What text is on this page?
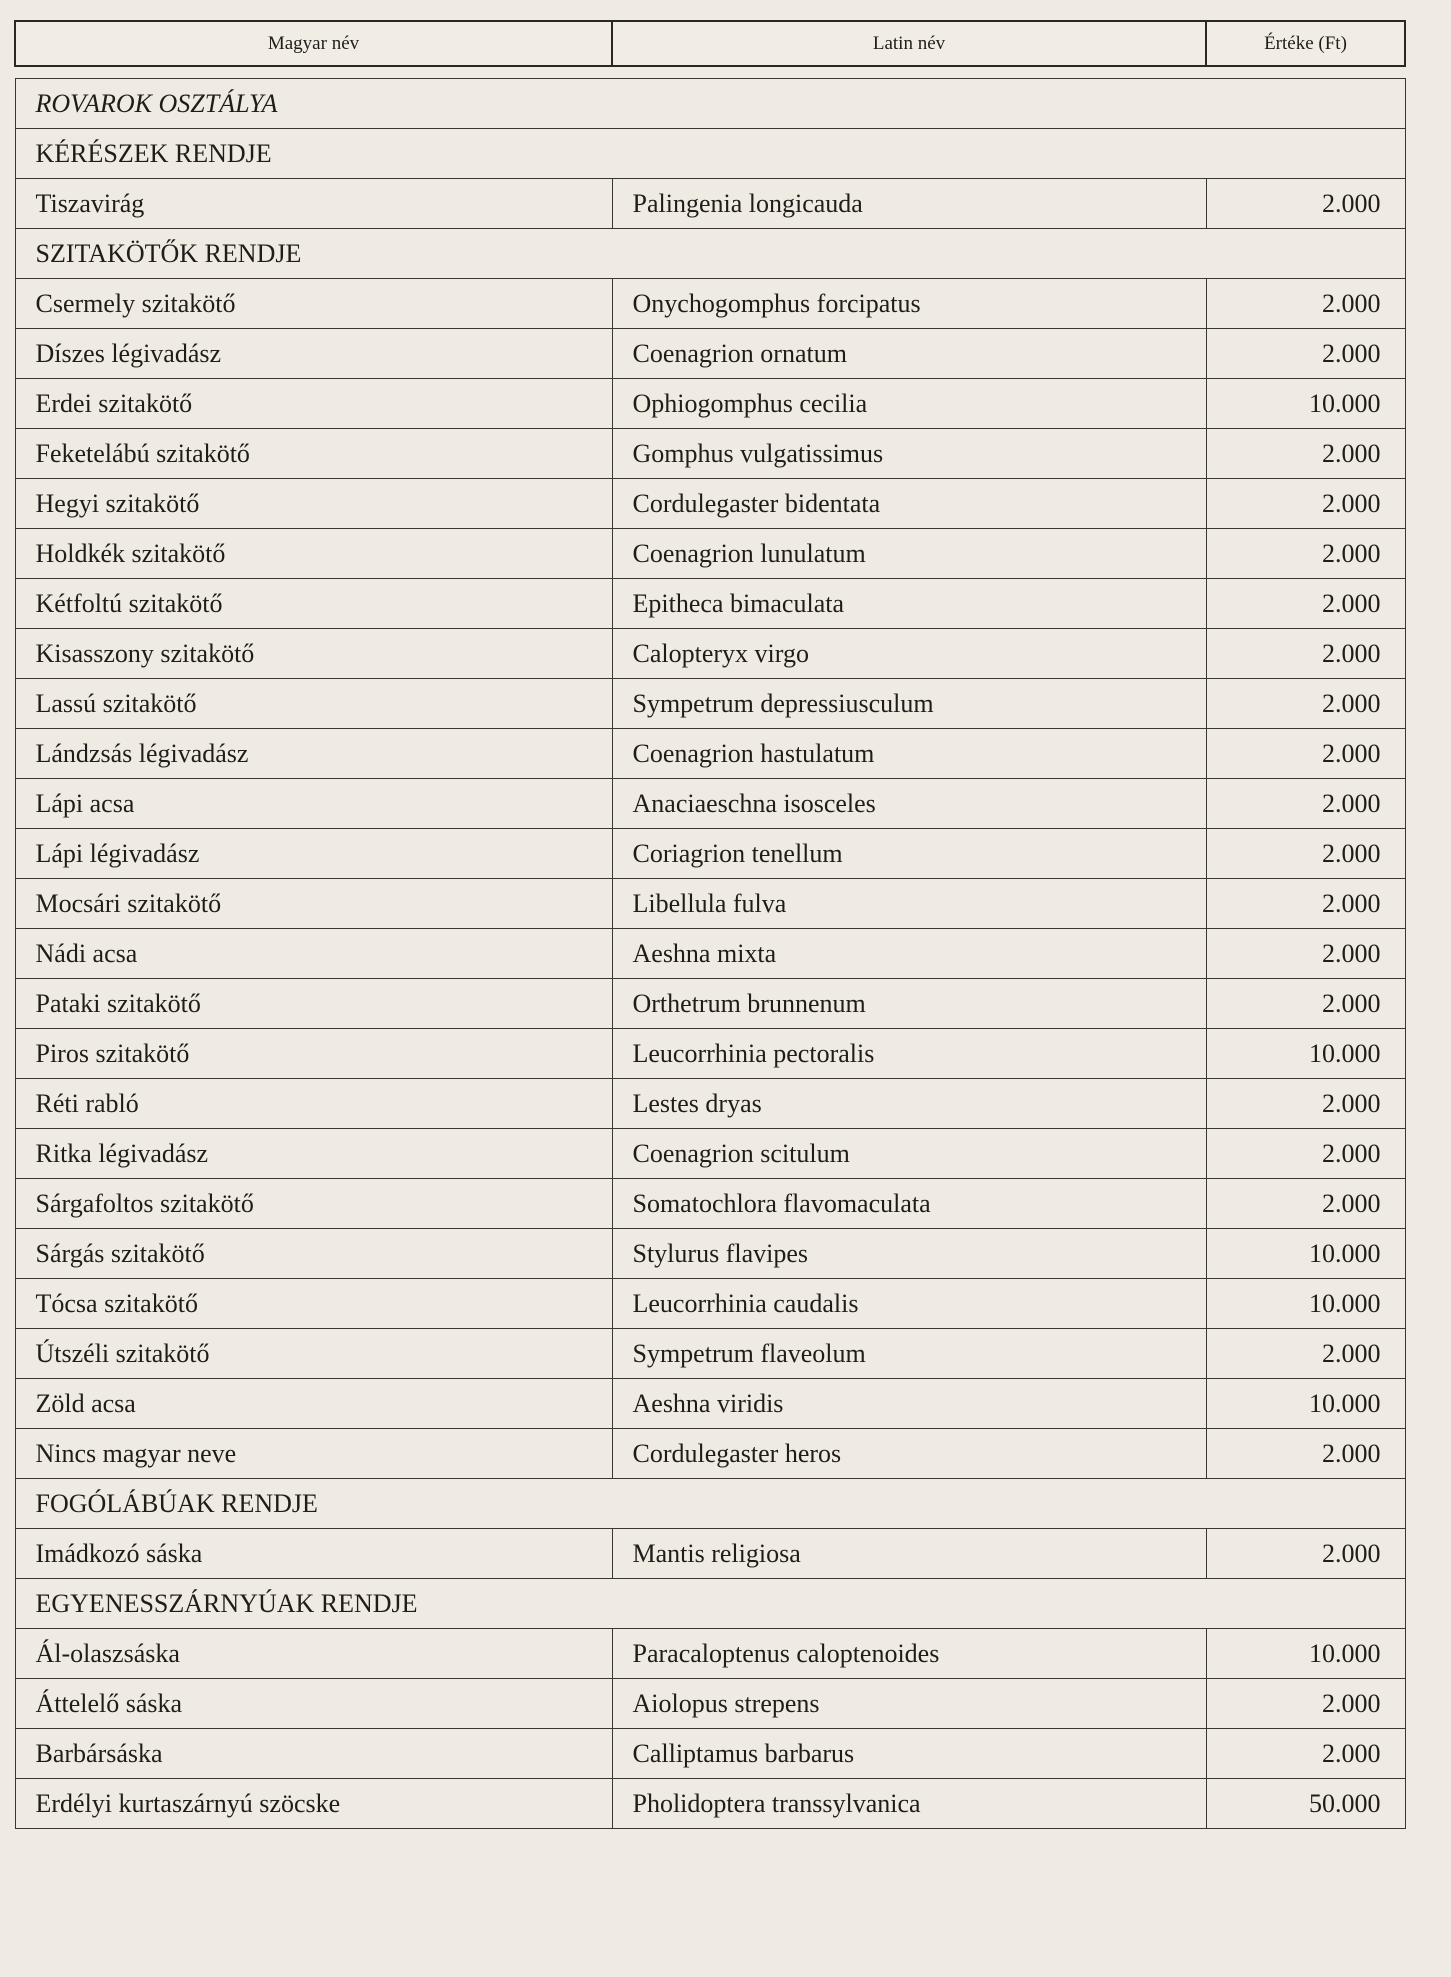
Magyar név	Latin név	Értéke (Ft)

ROVAROK OSZTÁLYA		
KÉRÉSZEK RENDJE		
Tiszavirág	Palingenia longicauda	2.000
SZITAKÖTŐK RENDJE		
Csermely szitakötő	Onychogomphus forcipatus	2.000
Díszes légivadász	Coenagrion ornatum	2.000
Erdei szitakötő	Ophiogomphus cecilia	10.000
Feketelábú szitakötő	Gomphus vulgatissimus	2.000
Hegyi szitakötő	Cordulegaster bidentata	2.000
Holdkék szitakötő	Coenagrion lunulatum	2.000
Kétfoltú szitakötő	Epitheca bimaculata	2.000
Kisasszony szitakötő	Calopteryx virgo	2.000
Lassú szitakötő	Sympetrum depressiusculum	2.000
Lándzsás légivadász	Coenagrion hastulatum	2.000
Lápi acsa	Anaciaeschna isosceles	2.000
Lápi légivadász	Coriagrion tenellum	2.000
Mocsári szitakötő	Libellula fulva	2.000
Nádi acsa	Aeshna mixta	2.000
Pataki szitakötő	Orthetrum brunnenum	2.000
Piros szitakötő	Leucorrhinia pectoralis	10.000
Réti rabló	Lestes dryas	2.000
Ritka légivadász	Coenagrion scitulum	2.000
Sárgafoltos szitakötő	Somatochlora flavomaculata	2.000
Sárgás szitakötő	Stylurus flavipes	10.000
Tócsa szitakötő	Leucorrhinia caudalis	10.000
Útszéli szitakötő	Sympetrum flaveolum	2.000
Zöld acsa	Aeshna viridis	10.000
Nincs magyar neve	Cordulegaster heros	2.000
FOGÓLÁBÚAK RENDJE		
Imádkozó sáska	Mantis religiosa	2.000
EGYENESSZÁRNYÚAK RENDJE		
Ál-olaszsáska	Paracaloptenus caloptenoides	10.000
Áttelelő sáska	Aiolopus strepens	2.000
Barbársáska	Calliptamus barbarus	2.000
Erdélyi kurtaszárnyú szöcske	Pholidoptera transsylvanica	50.000
